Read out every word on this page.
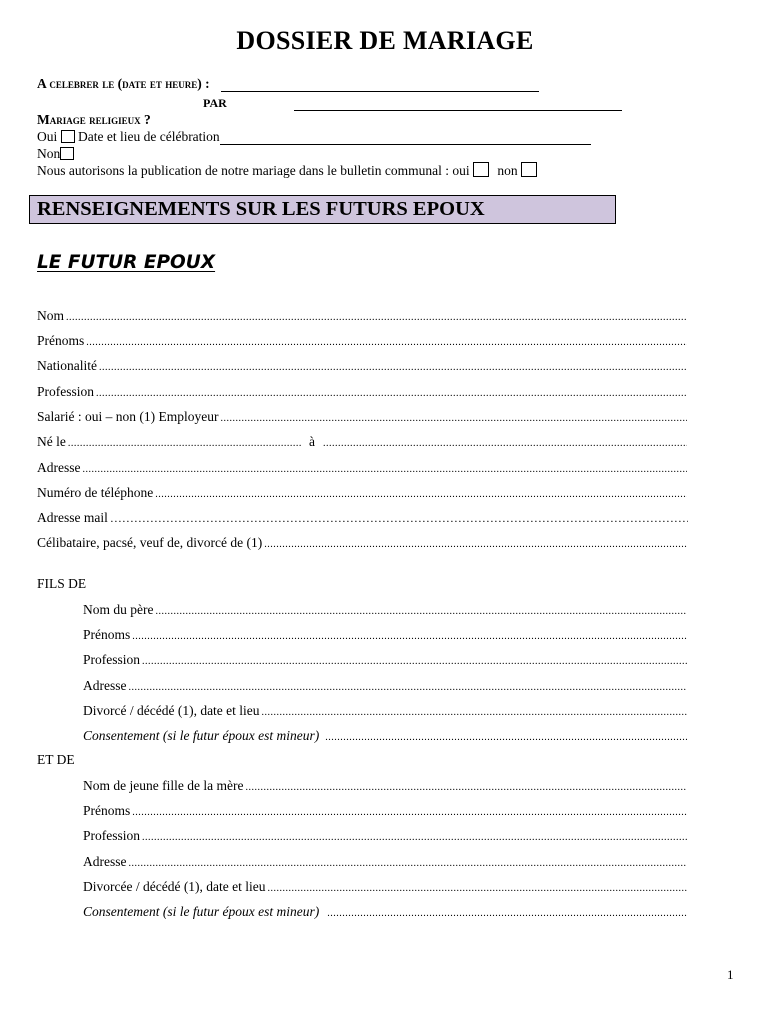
DOSSIER DE MARIAGE
A celebrer le (date et heure) :
PAR
Mariage religieux ?
Oui Date et lieu de célébration
Non
Nous autorisons la publication de notre mariage dans le bulletin communal : oui non
RENSEIGNEMENTS SUR LES FUTURS EPOUX
LE FUTUR EPOUX
Nom
.....
Prénoms
.....
Nationalité
.....
Profession
.....
Salarié : oui – non (1) Employeur
.....
Né le
.....	à
.....
Adresse
.....
Numéro de téléphone
.....
Adresse mail
……………………………………………………………………………………………………………………………………………………
Célibataire, pacsé, veuf de, divorcé de (1)
.....
FILS DE
Nom du père
.....
Prénoms
.....
Profession
.....
Adresse
.....
Divorcé / décédé (1), date et lieu
.....
Consentement (si le futur époux est mineur)
.....
ET DE
Nom de jeune fille de la mère
.....
Prénoms
.....
Profession
.....
Adresse
.....
Divorcée / décédé (1), date et lieu
.....
Consentement (si le futur époux est mineur)
.....
1
